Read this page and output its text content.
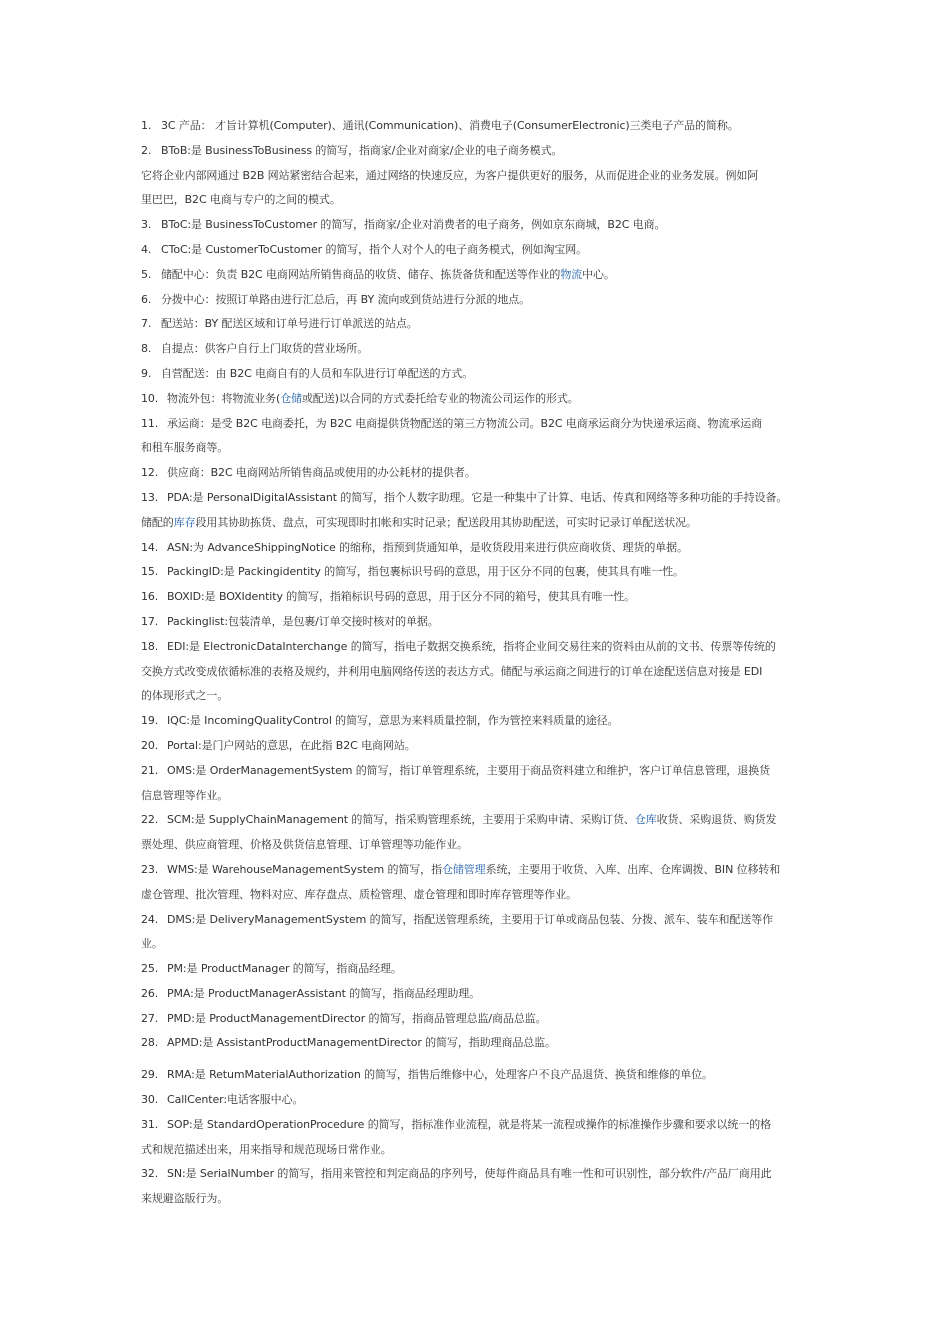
1. 3C 产品： 才旨计算机(Computer)、通讯(Communication)、消费电子(ConsumerElectronic)三类电子产品的简称。
2. BToB:是 BusinessToBusiness 的简写，指商家/企业对商家/企业的电子商务模式。
它将企业内部网通过 B2B 网站紧密结合起来，通过网络的快速反应，为客户提供更好的服务，从而促进企业的业务发展。例如阿
里巴巴，B2C 电商与专户的之间的模式。
3. BToC:是 BusinessToCustomer 的简写，指商家/企业对消费者的电子商务，例如京东商城，B2C 电商。
4. CToC:是 CustomerToCustomer 的简写，指个人对个人的电子商务模式，例如淘宝网。
5. 储配中心：负责 B2C 电商网站所销售商品的收货、储存、拣货备货和配送等作业的物流中心。
6. 分拨中心：按照订单路由进行汇总后，再 BY 流向或到货站进行分派的地点。
7. 配送站：BY 配送区域和订单号进行订单派送的站点。
8. 自提点：供客户自行上门取货的营业场所。
9. 自营配送：由 B2C 电商自有的人员和车队进行订单配送的方式。
10. 物流外包：将物流业务(仓储或配送)以合同的方式委托给专业的物流公司运作的形式。
11. 承运商：是受 B2C 电商委托，为 B2C 电商提供货物配送的第三方物流公司。B2C 电商承运商分为快递承运商、物流承运商
和租车服务商等。
12. 供应商：B2C 电商网站所销售商品或使用的办公耗材的提供者。
13. PDA:是 PersonalDigitalAssistant 的简写，指个人数字助理。它是一种集中了计算、电话、传真和网络等多种功能的手持设备。
储配的库存段用其协助拣货、盘点，可实现即时扣帐和实时记录；配送段用其协助配送，可实时记录订单配送状况。
14. ASN:为 AdvanceShippingNotice 的缩称，指预到货通知单，是收货段用来进行供应商收货、理货的单据。
15. PackingID:是 Packingidentity 的简写，指包裹标识号码的意思，用于区分不同的包裹，使其具有唯一性。
16. BOXID:是 BOXIdentity 的简写，指箱标识号码的意思，用于区分不同的箱号，使其具有唯一性。
17. Packinglist:包装清单，是包裹/订单交接时核对的单据。
18. EDI:是 ElectronicDataInterchange 的简写，指电子数据交换系统，指将企业间交易往来的资料由从前的文书、传票等传统的
交换方式改变成依循标准的表格及规约，并利用电脑网络传送的表达方式。储配与承运商之间进行的订单在途配送信息对接是 EDI
的体现形式之一。
19. IQC:是 IncomingQualityControl 的简写，意思为来料质量控制，作为管控来料质量的途径。
20. Portal:是门户网站的意思，在此指 B2C 电商网站。
21. OMS:是 OrderManagementSystem 的简写，指订单管理系统，主要用于商品资料建立和维护，客户订单信息管理，退换货
信息管理等作业。
22. SCM:是 SupplyChainManagement 的简写，指采购管理系统，主要用于采购申请、采购订货、仓库收货、采购退货、购货发
票处理、供应商管理、价格及供货信息管理、订单管理等功能作业。
23. WMS:是 WarehouseManagementSystem 的简写，指仓储管理系统，主要用于收货、入库、出库、仓库调拨、BIN 位移转和
虚仓管理、批次管理、物料对应、库存盘点、质检管理、虚仓管理和即时库存管理等作业。
24. DMS:是 DeliveryManagementSystem 的简写，指配送管理系统，主要用于订单或商品包装、分拨、派车、装车和配送等作
业。
25. PM:是 ProductManager 的简写，指商品经理。
26. PMA:是 ProductManagerAssistant 的简写，指商品经理助理。
27. PMD:是 ProductManagementDirector 的简写，指商品管理总监/商品总监。
28. APMD:是 AssistantProductManagementDirector 的简写，指助理商品总监。
29. RMA:是 RetumMaterialAuthorization 的简写，指售后维修中心，处理客户不良产品退货、换货和维修的单位。
30. CallCenter:电话客服中心。
31. SOP:是 StandardOperationProcedure 的简写，指标准作业流程，就是将某一流程或操作的标准操作步骤和要求以统一的格
式和规范描述出来，用来指导和规范现场日常作业。
32. SN:是 SerialNumber 的简写，指用来管控和判定商品的序列号，使每件商品具有唯一性和可识别性，部分软件/产品厂商用此
来规避盗版行为。
